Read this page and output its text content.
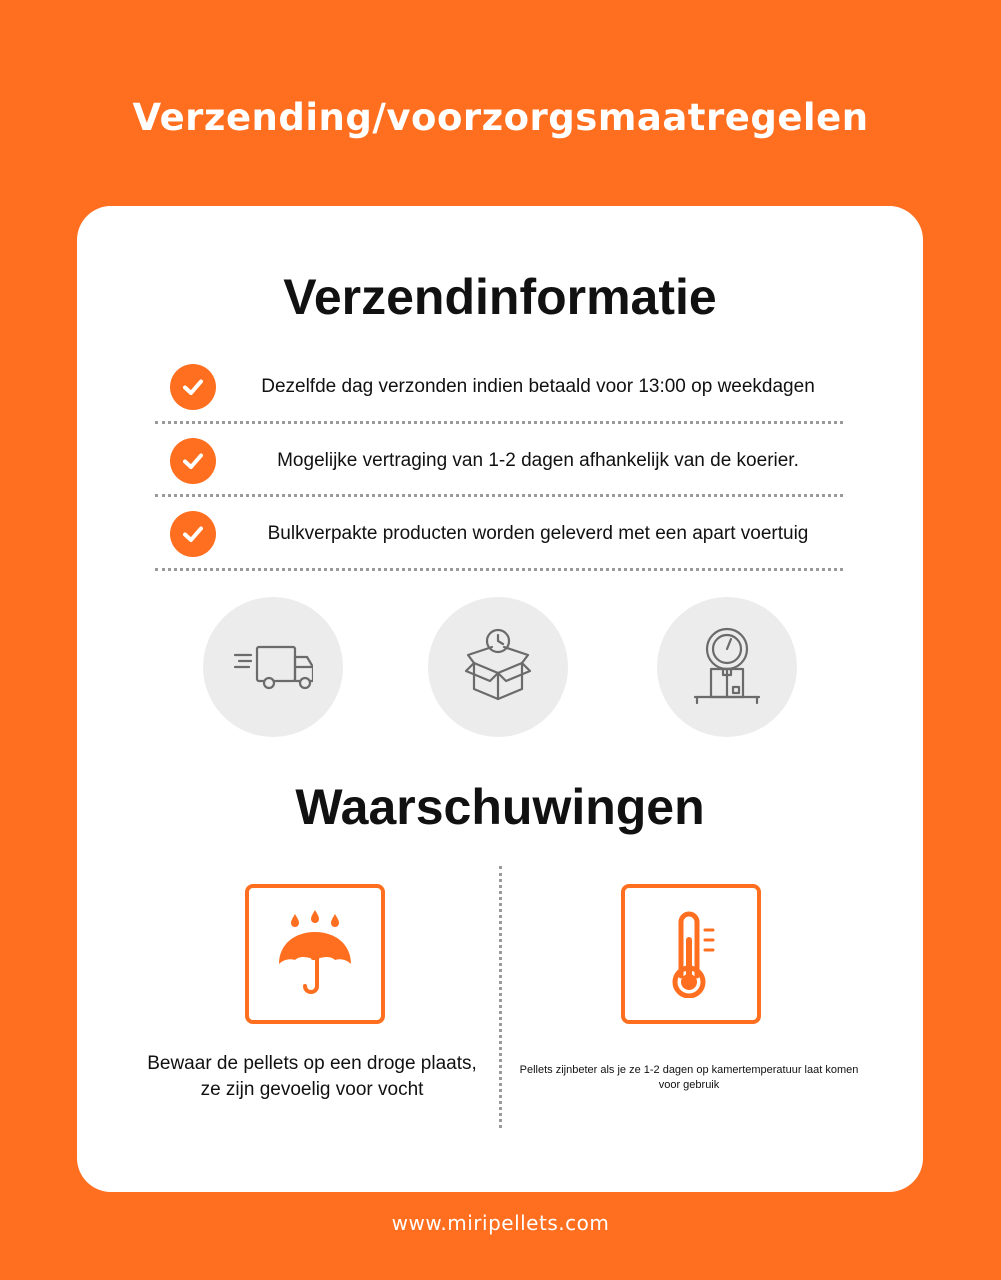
Verzending/voorzorgsmaatregelen
Verzendinformatie
Dezelfde dag verzonden indien betaald voor 13:00 op weekdagen
Mogelijke vertraging van 1-2 dagen afhankelijk van de koerier.
Bulkverpakte producten worden geleverd met een apart voertuig
Waarschuwingen
Bewaar de pellets op een droge plaats, ze zijn gevoelig voor vocht
Pellets zijnbeter als je ze 1-2 dagen op kamertemperatuur laat komen voor gebruik
www.miripellets.com
